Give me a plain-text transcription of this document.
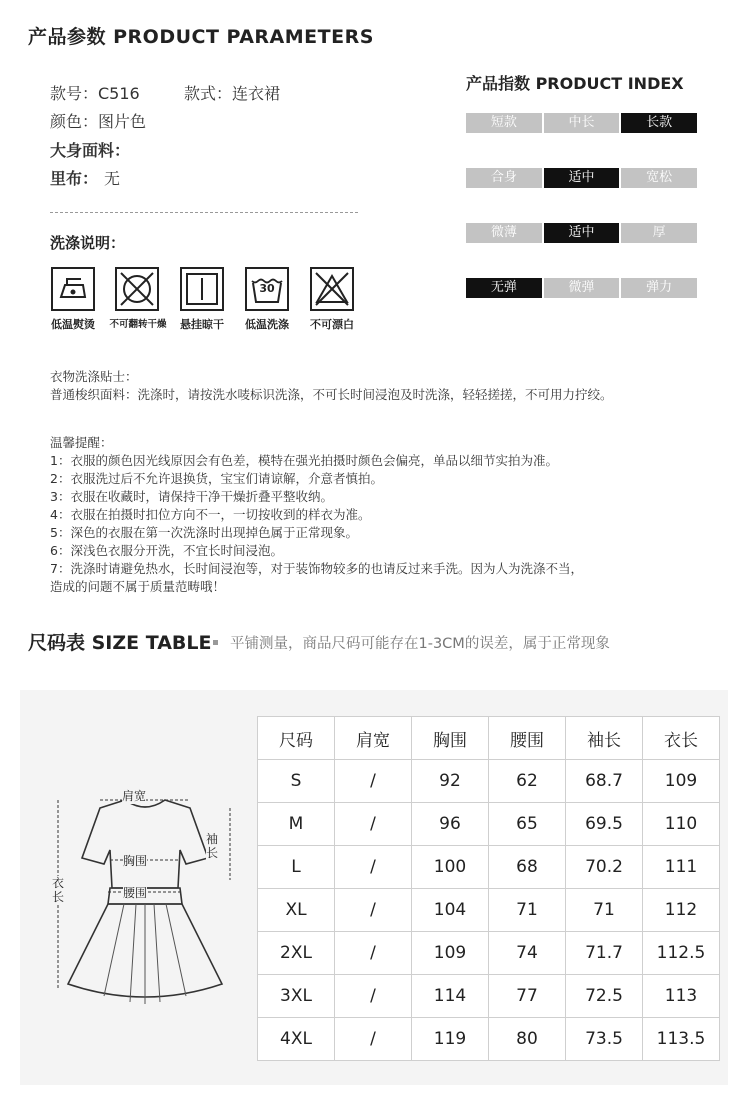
产品参数 PRODUCT PARAMETERS
款号：C516	款式：连衣裙
颜色：图片色
大身面料：
里布： 无
洗涤说明：
低温熨烫	不可翻转干燥	悬挂晾干
30
低温洗涤	不可漂白
产品指数 PRODUCT INDEX
短款	中长	长款
合身	适中	宽松
微薄	适中	厚
无弹	微弹	弹力
衣物洗涤贴士：
普通梭织面料：洗涤时，请按洗水唛标识洗涤，不可长时间浸泡及时洗涤，轻轻搓搓，不可用力拧绞。
温馨提醒：
1：衣服的颜色因光线原因会有色差，模特在强光拍摄时颜色会偏亮，单品以细节实拍为准。
2：衣服洗过后不允许退换货，宝宝们请谅解，介意者慎拍。
3：衣服在收藏时，请保持干净干燥折叠平整收纳。
4：衣服在拍摄时扣位方向不一，一切按收到的样衣为准。
5：深色的衣服在第一次洗涤时出现掉色属于正常现象。
6：深浅色衣服分开洗，不宜长时间浸泡。
7：洗涤时请避免热水，长时间浸泡等，对于装饰物较多的也请反过来手洗。因为人为洗涤不当，
造成的问题不属于质量范畴哦！
尺码表 SIZE TABLE 平铺测量，商品尺码可能存在1-3CM的误差，属于正常现象
肩宽
胸围
腰围
袖长
衣长
尺码	肩宽	胸围	腰围	袖长	衣长
S	/	92	62	68.7	109
M	/	96	65	69.5	110
L	/	100	68	70.2	111
XL	/	104	71	71	112
2XL	/	109	74	71.7	112.5
3XL	/	114	77	72.5	113
4XL	/	119	80	73.5	113.5
